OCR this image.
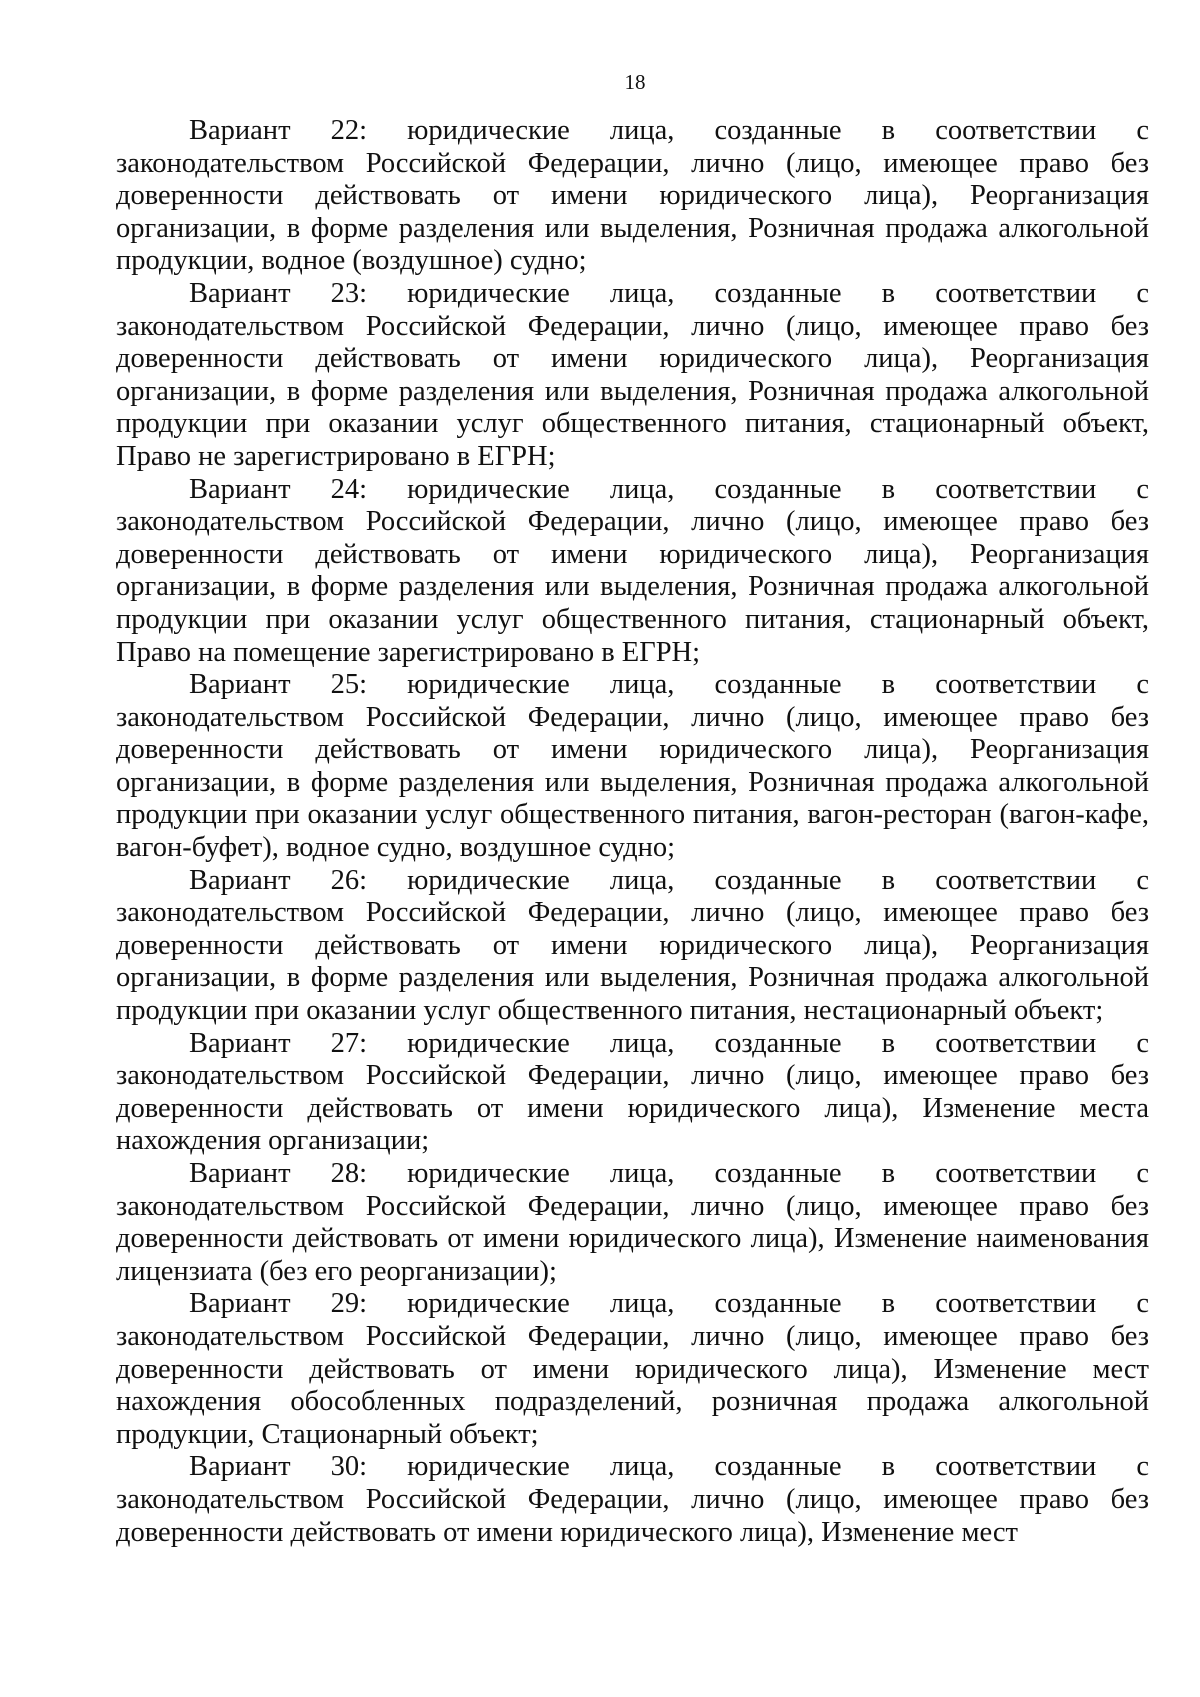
18

Вариант 22: юридические лица, созданные в соответствии с законодательством Российской Федерации, лично (лицо, имеющее право без доверенности действовать от имени юридического лица), Реорганизация организации, в форме разделения или выделения, Розничная продажа алкогольной продукции, водное (воздушное) судно;

Вариант 23: юридические лица, созданные в соответствии с законодательством Российской Федерации, лично (лицо, имеющее право без доверенности действовать от имени юридического лица), Реорганизация организации, в форме разделения или выделения, Розничная продажа алкогольной продукции при оказании услуг общественного питания, стационарный объект, Право не зарегистрировано в ЕГРН;

Вариант 24: юридические лица, созданные в соответствии с законодательством Российской Федерации, лично (лицо, имеющее право без доверенности действовать от имени юридического лица), Реорганизация организации, в форме разделения или выделения, Розничная продажа алкогольной продукции при оказании услуг общественного питания, стационарный объект, Право на помещение зарегистрировано в ЕГРН;

Вариант 25: юридические лица, созданные в соответствии с законодательством Российской Федерации, лично (лицо, имеющее право без доверенности действовать от имени юридического лица), Реорганизация организации, в форме разделения или выделения, Розничная продажа алкогольной продукции при оказании услуг общественного питания, вагон-ресторан (вагон-кафе, вагон-буфет), водное судно, воздушное судно;

Вариант 26: юридические лица, созданные в соответствии с законодательством Российской Федерации, лично (лицо, имеющее право без доверенности действовать от имени юридического лица), Реорганизация организации, в форме разделения или выделения, Розничная продажа алкогольной продукции при оказании услуг общественного питания, нестационарный объект;

Вариант 27: юридические лица, созданные в соответствии с законодательством Российской Федерации, лично (лицо, имеющее право без доверенности действовать от имени юридического лица), Изменение места нахождения организации;

Вариант 28: юридические лица, созданные в соответствии с законодательством Российской Федерации, лично (лицо, имеющее право без доверенности действовать от имени юридического лица), Изменение наименования лицензиата (без его реорганизации);

Вариант 29: юридические лица, созданные в соответствии с законодательством Российской Федерации, лично (лицо, имеющее право без доверенности действовать от имени юридического лица), Изменение мест нахождения обособленных подразделений, розничная продажа алкогольной продукции, Стационарный объект;

Вариант 30: юридические лица, созданные в соответствии с законодательством Российской Федерации, лично (лицо, имеющее право без доверенности действовать от имени юридического лица), Изменение мест
